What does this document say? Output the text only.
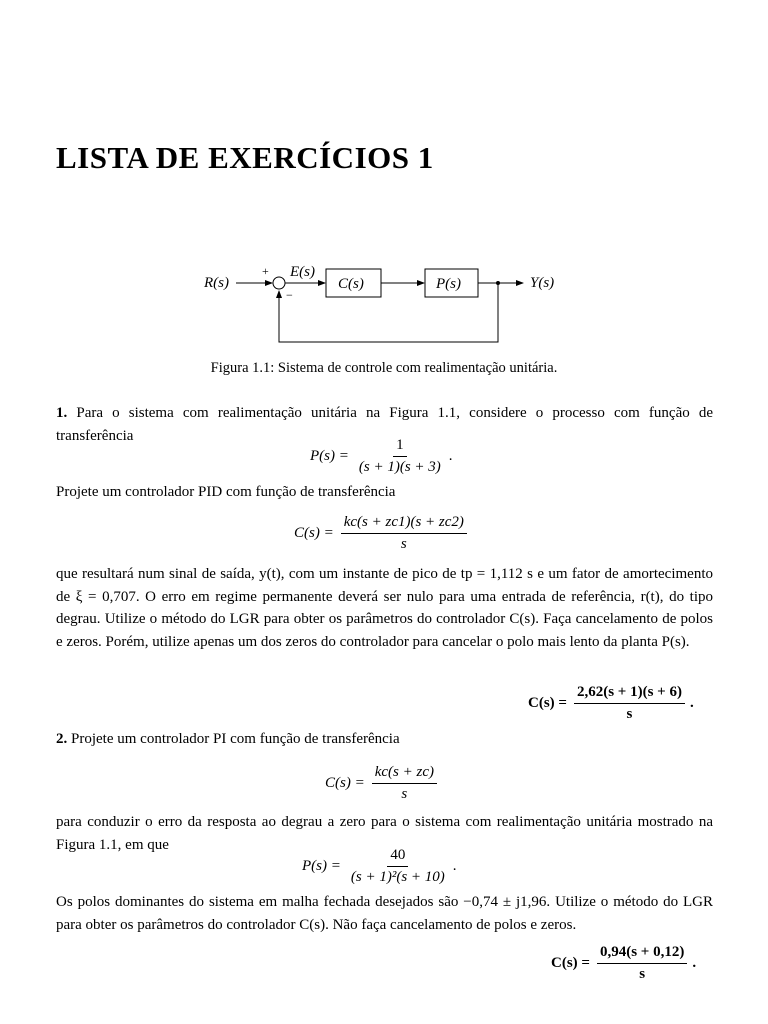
LISTA DE EXERCÍCIOS 1
R(s)
+
−
E(s)
C(s)	P(s)	Y(s)
Figura 1.1: Sistema de controle com realimentação unitária.
1. Para o sistema com realimentação unitária na Figura 1.1, considere o processo com função de transferência
$P(s) = \frac{1}{(s + 1)(s + 3)}$ .
Projete um controlador PID com função de transferência
$C(s) = \frac{kc(s + zc1)(s + zc2)}{s}$
que resultará num sinal de saída, y(t), com um instante de pico de tp = 1,112 s e um fator de amortecimento de ξ = 0,707. O erro em regime permanente deverá ser nulo para uma entrada de referência, r(t), do tipo degrau. Utilize o método do LGR para obter os parâmetros do controlador C(s). Faça cancelamento de polos e zeros. Porém, utilize apenas um dos zeros do controlador para cancelar o polo mais lento da planta P(s).
$C(s) = \frac{2,62(s + 1)(s + 6)}{s}$ .
2. Projete um controlador PI com função de transferência
$C(s) = \frac{kc(s + zc)}{s}$
para conduzir o erro da resposta ao degrau a zero para o sistema com realimentação unitária mostrado na Figura 1.1, em que
$P(s) = \frac{40}{\text{(s + 1)²(s + 10)}}$ .
Os polos dominantes do sistema em malha fechada desejados são −0,74 ± j1,96. Utilize o método do LGR para obter os parâmetros do controlador C(s). Não faça cancelamento de polos e zeros.
$C(s) = \frac{0,94(s + 0,12)}{s}$ .
